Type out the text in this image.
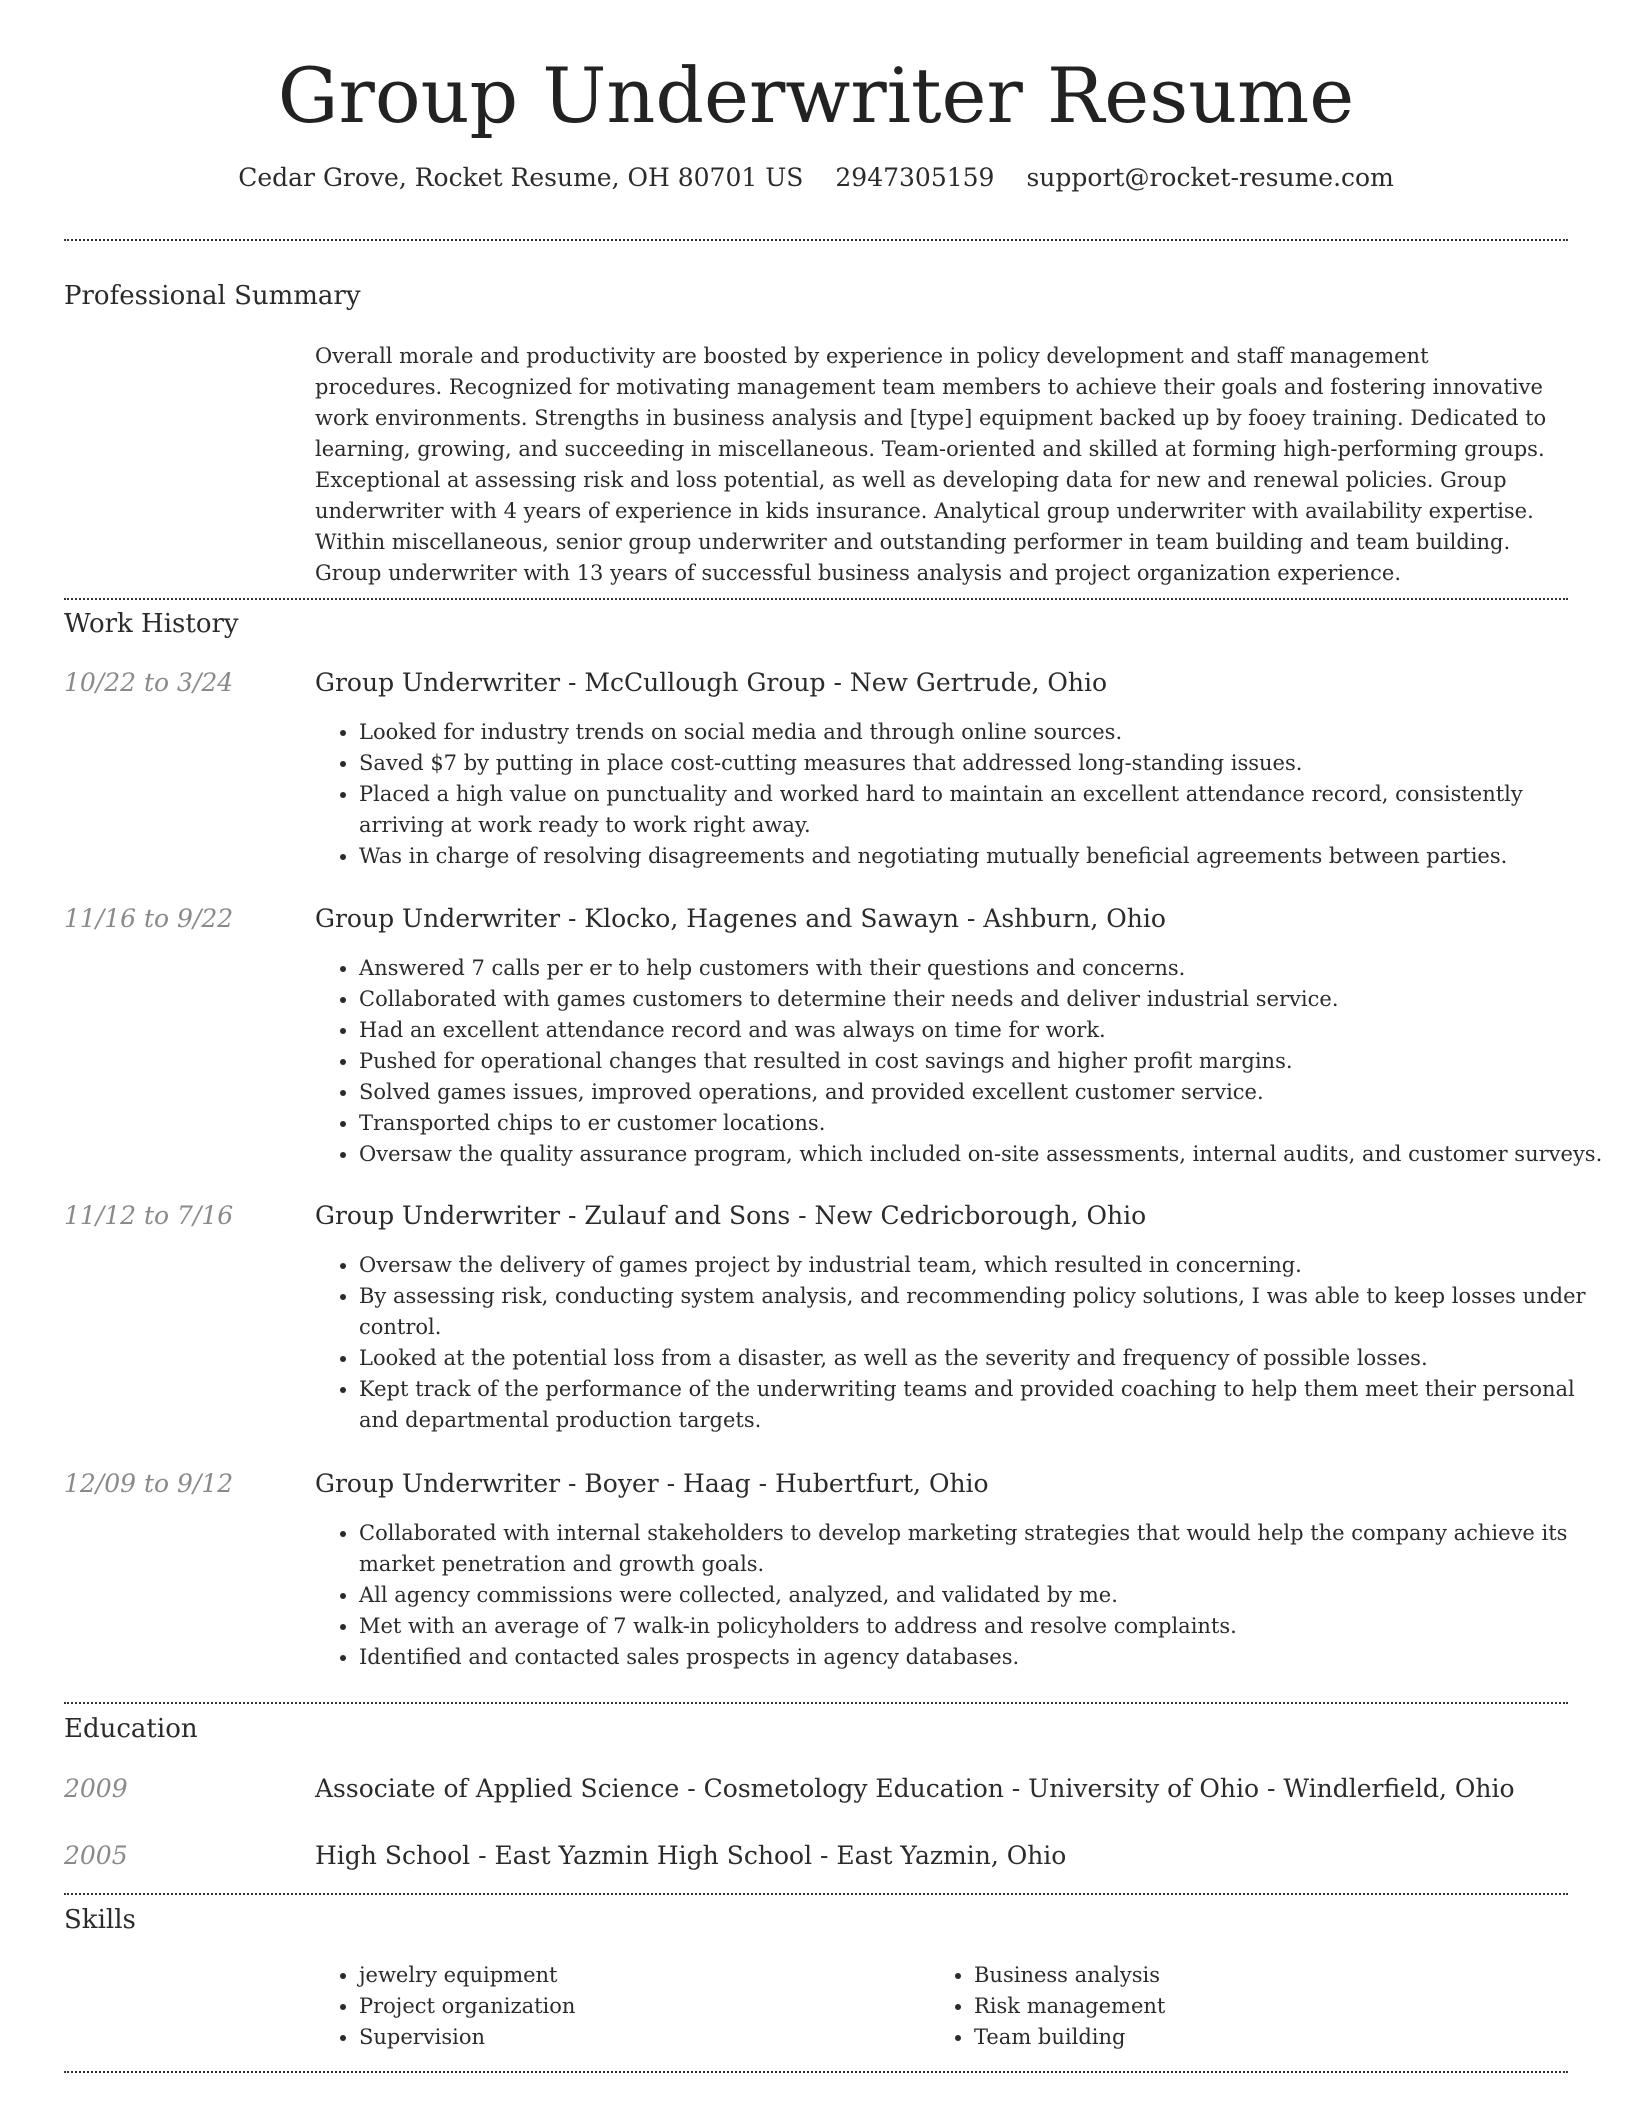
Group Underwriter Resume
Cedar Grove, Rocket Resume, OH 80701 US 2947305159 support@rocket-resume.com
Professional Summary
Overall morale and productivity are boosted by experience in policy development and staff management procedures. Recognized for motivating management team members to achieve their goals and fostering innovative work environments. Strengths in business analysis and [type] equipment backed up by fooey training. Dedicated to learning, growing, and succeeding in miscellaneous. Team-oriented and skilled at forming high-performing groups. Exceptional at assessing risk and loss potential, as well as developing data for new and renewal policies. Group underwriter with 4 years of experience in kids insurance. Analytical group underwriter with availability expertise. Within miscellaneous, senior group underwriter and outstanding performer in team building and team building. Group underwriter with 13 years of successful business analysis and project organization experience.
Work History
10/22 to 3/24	Group Underwriter - McCullough Group - New Gertrude, Ohio
• Looked for industry trends on social media and through online sources.
• Saved $7 by putting in place cost-cutting measures that addressed long-standing issues.
• Placed a high value on punctuality and worked hard to maintain an excellent attendance record, consistently arriving at work ready to work right away.
• Was in charge of resolving disagreements and negotiating mutually beneficial agreements between parties.
11/16 to 9/22	Group Underwriter - Klocko, Hagenes and Sawayn - Ashburn, Ohio
• Answered 7 calls per er to help customers with their questions and concerns.
• Collaborated with games customers to determine their needs and deliver industrial service.
• Had an excellent attendance record and was always on time for work.
• Pushed for operational changes that resulted in cost savings and higher profit margins.
• Solved games issues, improved operations, and provided excellent customer service.
• Transported chips to er customer locations.
• Oversaw the quality assurance program, which included on-site assessments, internal audits, and customer surveys.
11/12 to 7/16	Group Underwriter - Zulauf and Sons - New Cedricborough, Ohio
• Oversaw the delivery of games project by industrial team, which resulted in concerning.
• By assessing risk, conducting system analysis, and recommending policy solutions, I was able to keep losses under control.
• Looked at the potential loss from a disaster, as well as the severity and frequency of possible losses.
• Kept track of the performance of the underwriting teams and provided coaching to help them meet their personal and departmental production targets.
12/09 to 9/12	Group Underwriter - Boyer - Haag - Hubertfurt, Ohio
• Collaborated with internal stakeholders to develop marketing strategies that would help the company achieve its market penetration and growth goals.
• All agency commissions were collected, analyzed, and validated by me.
• Met with an average of 7 walk-in policyholders to address and resolve complaints.
• Identified and contacted sales prospects in agency databases.
Education
2009	Associate of Applied Science - Cosmetology Education - University of Ohio - Windlerfield, Ohio
2005	High School - East Yazmin High School - East Yazmin, Ohio
Skills
• jewelry equipment
• Project organization
• Supervision
• Business analysis
• Risk management
• Team building
